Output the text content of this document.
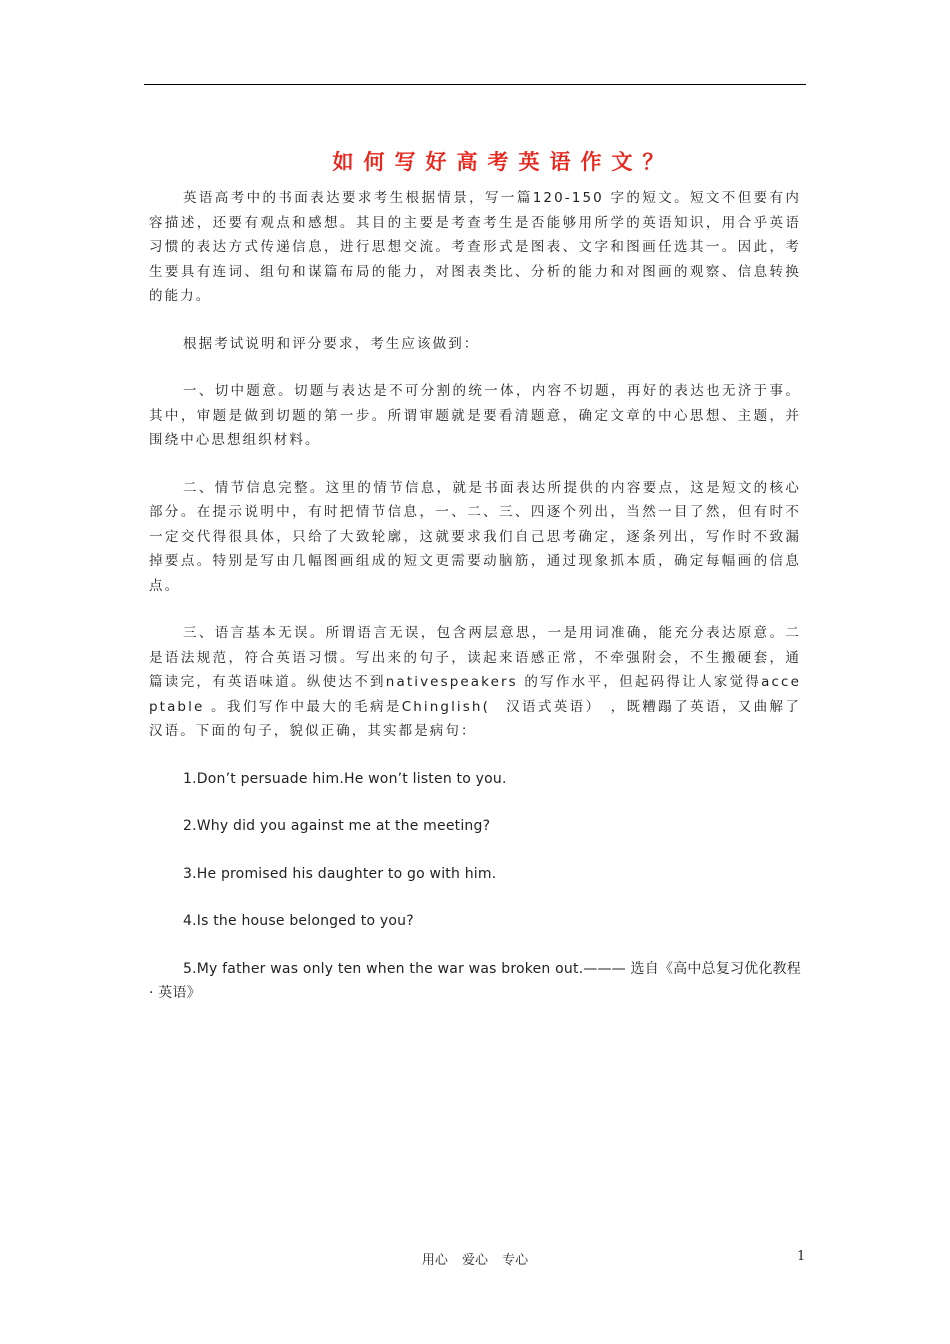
如何写好高考英语作文？

英语高考中的书面表达要求考生根据情景，写一篇120-150 字的短文。短文不但要有内容描述，还要有观点和感想。其目的主要是考查考生是否能够用所学的英语知识，用合乎英语习惯的表达方式传递信息，进行思想交流。考查形式是图表、文字和图画任选其一。因此，考生要具有连词、组句和谋篇布局的能力，对图表类比、分析的能力和对图画的观察、信息转换的能力。

根据考试说明和评分要求，考生应该做到：

一、切中题意。切题与表达是不可分割的统一体，内容不切题，再好的表达也无济于事。其中，审题是做到切题的第一步。所谓审题就是要看清题意，确定文章的中心思想、主题，并围绕中心思想组织材料。

二、情节信息完整。这里的情节信息，就是书面表达所提供的内容要点，这是短文的核心部分。在提示说明中，有时把情节信息，一、二、三、四逐个列出，当然一目了然，但有时不一定交代得很具体，只给了大致轮廓，这就要求我们自己思考确定，逐条列出，写作时不致漏掉要点。特别是写由几幅图画组成的短文更需要动脑筋，通过现象抓本质，确定每幅画的信息点。

三、语言基本无误。所谓语言无误，包含两层意思，一是用词准确，能充分表达原意。二是语法规范，符合英语习惯。写出来的句子，读起来语感正常，不牵强附会，不生搬硬套，通篇读完，有英语味道。纵使达不到nativespeakers 的写作水平，但起码得让人家觉得acceptable 。我们写作中最大的毛病是Chinglish(　汉语式英语）　，既糟蹋了英语，又曲解了汉语。下面的句子，貌似正确，其实都是病句：

1.Don’t persuade him.He won’t listen to you.

2.Why did you against me at the meeting?

3.He promised his daughter to go with him.

4.Is the house belonged to you?

5.My father was only ten when the war was broken out.——— 选自《高中总复习优化教程· 英语》

用心 爱心 专心	1
